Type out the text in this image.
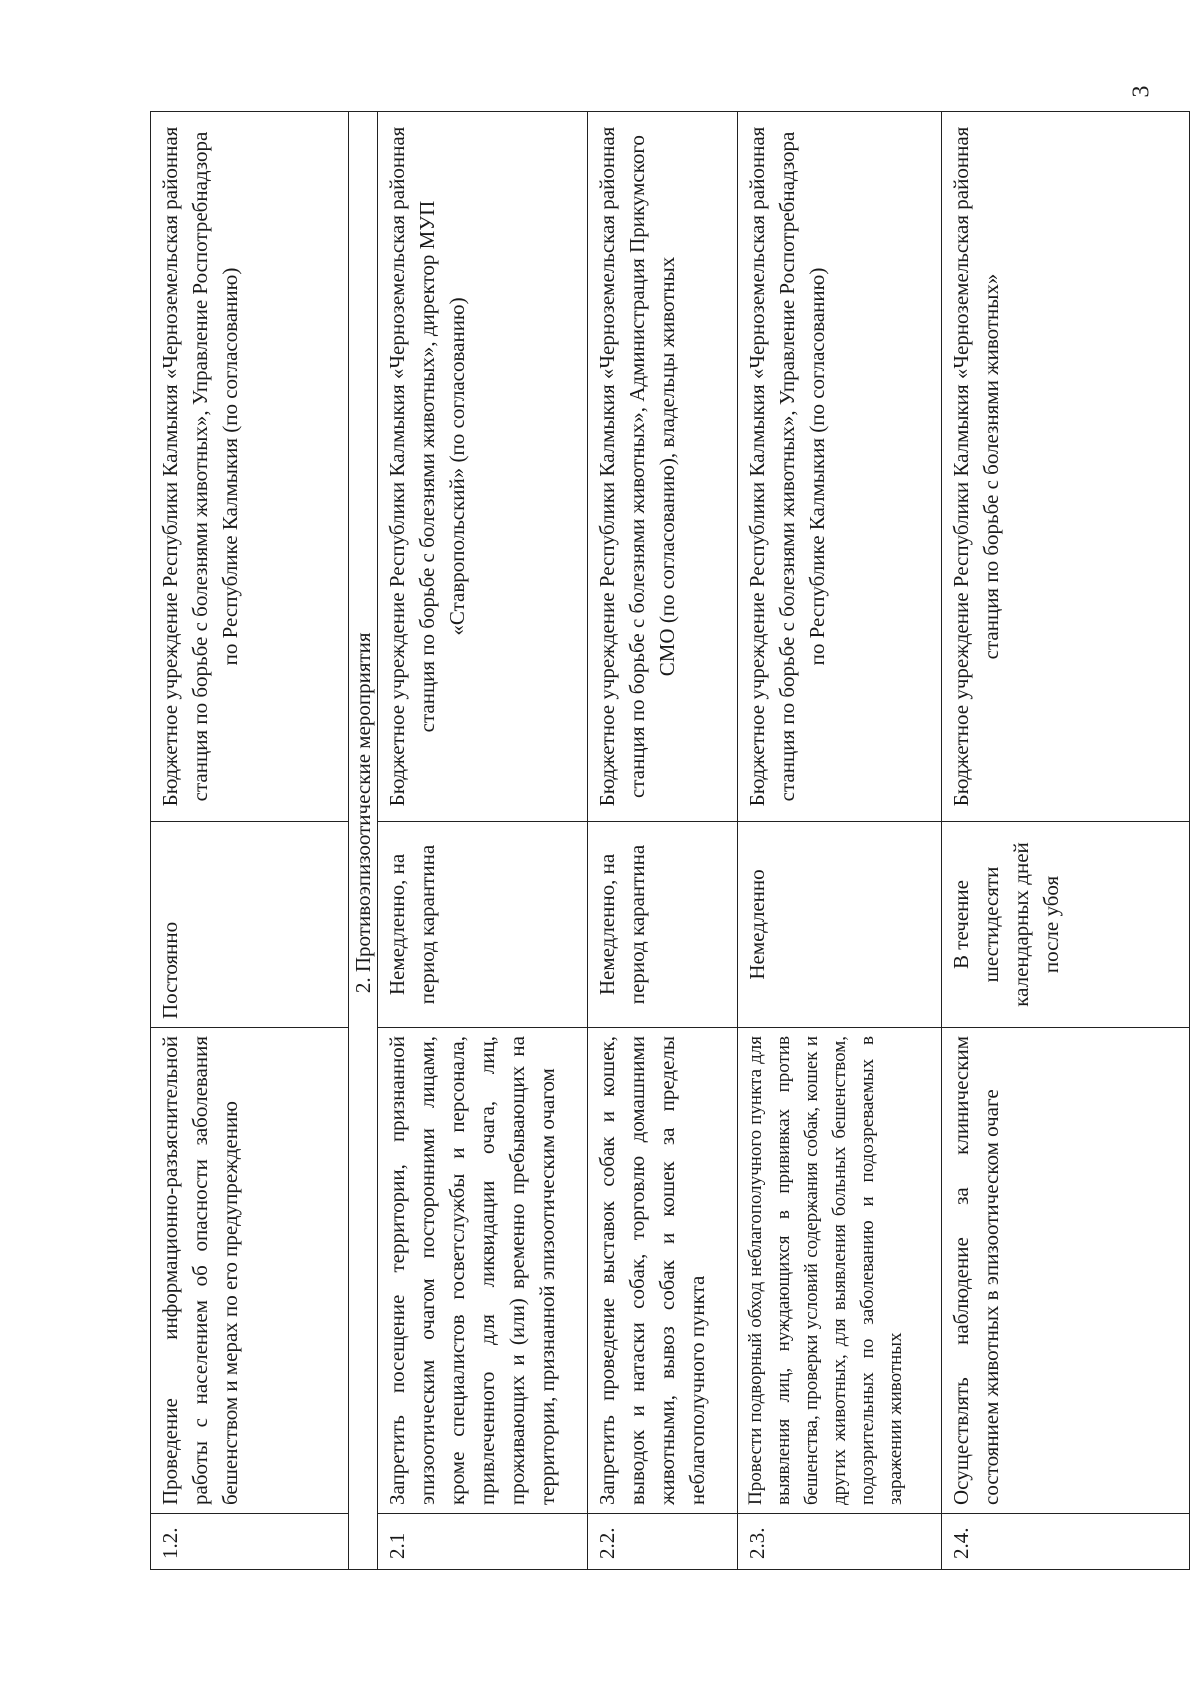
3
1.2.	Проведение информационно-разъяснительной работы с населением об опасности заболевания бешенством и мерах по его предупреждению	Постоянно	Бюджетное учреждение Республики Калмыкия «Черноземельская районная станция по борьбе с болезнями животных», Управление Роспотребнадзора по Республике Калмыкия (по согласованию)
	2. Противоэпизоотические мероприятия		
2.1	Запретить посещение территории, признанной эпизоотическим очагом посторонними лицами, кроме специалистов госветслужбы и персонала, привлеченного для ликвидации очага, лиц, проживающих и (или) временно пребывающих на территории, признанной эпизоотическим очагом	Немедленно, на период карантина	Бюджетное учреждение Республики Калмыкия «Черноземельская районная станция по борьбе с болезнями животных», директор МУП «Ставропольский» (по согласованию)
2.2.	Запретить проведение выставок собак и кошек, выводок и натаски собак, торговлю домашними животными, вывоз собак и кошек за пределы неблагополучного пункта	Немедленно, на период карантина	Бюджетное учреждение Республики Калмыкия «Черноземельская районная станция по борьбе с болезнями животных», Администрация Прикумского СМО (по согласованию), владельцы животных
2.3.	Провести подворный обход неблагополучного пункта для выявления лиц, нуждающихся в прививках против бешенства, проверки условий содержания собак, кошек и других животных, для выявления больных бешенством, подозрительных по заболеванию и подозреваемых в заражении животных	Немедленно	Бюджетное учреждение Республики Калмыкия «Черноземельская районная станция по борьбе с болезнями животных», Управление Роспотребнадзора по Республике Калмыкия (по согласованию)
2.4.	Осуществлять наблюдение за клиническим состоянием животных в эпизоотическом очаге	В течение шестидесяти календарных дней после убоя	Бюджетное учреждение Республики Калмыкия «Черноземельская районная станция по борьбе с болезнями животных»
